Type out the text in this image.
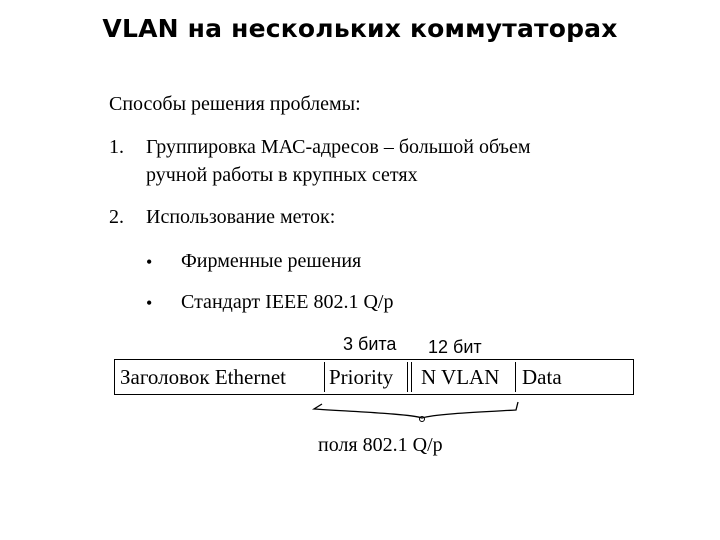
VLAN на нескольких коммутаторах
Способы решения проблемы:
1. Группировка МАС-адресов – большой объем
ручной работы в крупных сетях
2. Использование меток:
• Фирменные решения
• Стандарт IEEE 802.1 Q/p
3 бита 12 бит
Заголовок Ethernet Priority N VLAN Data
поля 802.1 Q/p
